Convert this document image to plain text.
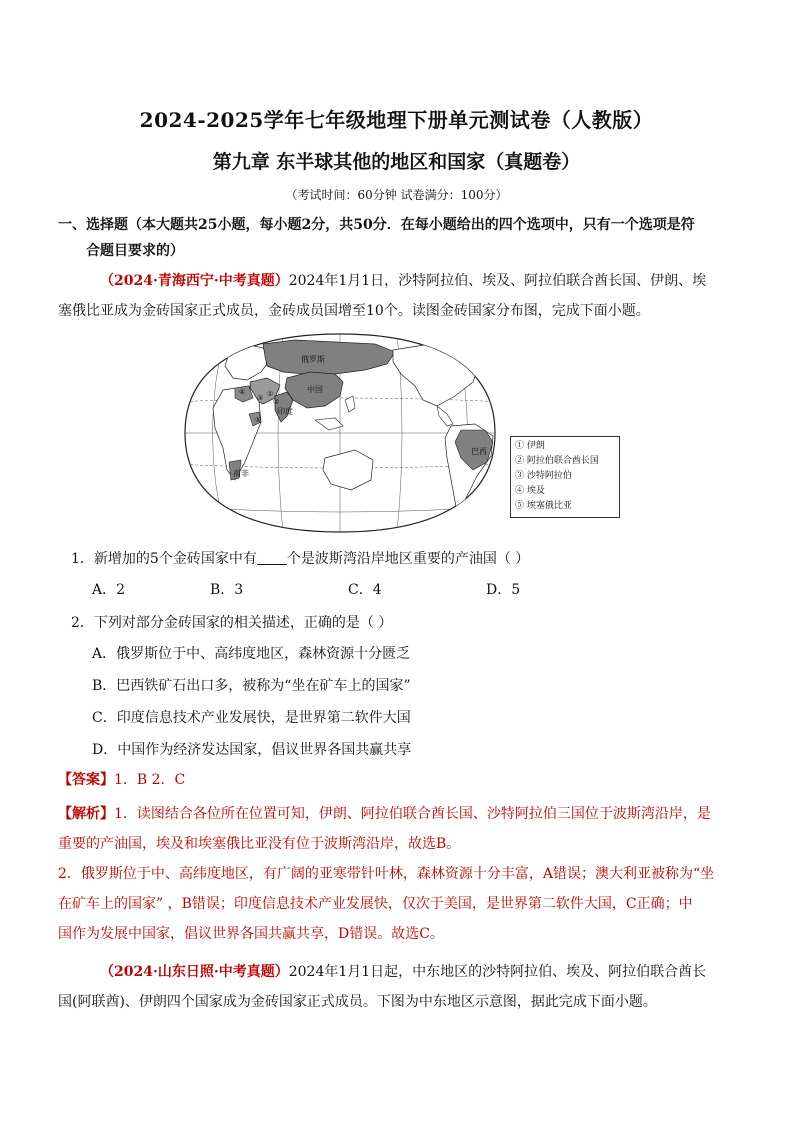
2024-2025学年七年级地理下册单元测试卷（人教版）
第九章 东半球其他的地区和国家（真题卷）
（考试时间：60分钟 试卷满分：100分）
一、选择题（本大题共25小题，每小题2分，共50分．在每小题给出的四个选项中，只有一个选项是符
合题目要求的）
（2024·青海西宁·中考真题）2024年1月1日，沙特阿拉伯、埃及、阿拉伯联合酋长国、伊朗、埃
塞俄比亚成为金砖国家正式成员，金砖成员国增至10个。读图金砖国家分布图，完成下面小题。
俄罗斯
中国
印度
巴西
南非
①
②
③
④
⑤
① 伊朗
② 阿拉伯联合酋长国
③ 沙特阿拉伯
④ 埃及
⑤ 埃塞俄比亚
1．新增加的5个金砖国家中有 个是波斯湾沿岸地区重要的产油国（ ）
A．2	B．3	C．4	D．5
2．下列对部分金砖国家的相关描述，正确的是（ ）
A．俄罗斯位于中、高纬度地区，森林资源十分匮乏
B．巴西铁矿石出口多，被称为“坐在矿车上的国家”
C．印度信息技术产业发展快，是世界第二软件大国
D．中国作为经济发达国家，倡议世界各国共赢共享
【答案】1．B 2．C
【解析】1．读图结合各位所在位置可知，伊朗、阿拉伯联合酋长国、沙特阿拉伯三国位于波斯湾沿岸，是
重要的产油国，埃及和埃塞俄比亚没有位于波斯湾沿岸，故选B。
2．俄罗斯位于中、高纬度地区，有广阔的亚寒带针叶林，森林资源十分丰富，A错误；澳大利亚被称为“坐
在矿车上的国家” ，B错误；印度信息技术产业发展快，仅次于美国，是世界第二软件大国，C正确；中
国作为发展中国家，倡议世界各国共赢共享，D错误。故选C。
（2024·山东日照·中考真题）2024年1月1日起，中东地区的沙特阿拉伯、埃及、阿拉伯联合酋长
国(阿联酋)、伊朗四个国家成为金砖国家正式成员。下图为中东地区示意图，据此完成下面小题。
